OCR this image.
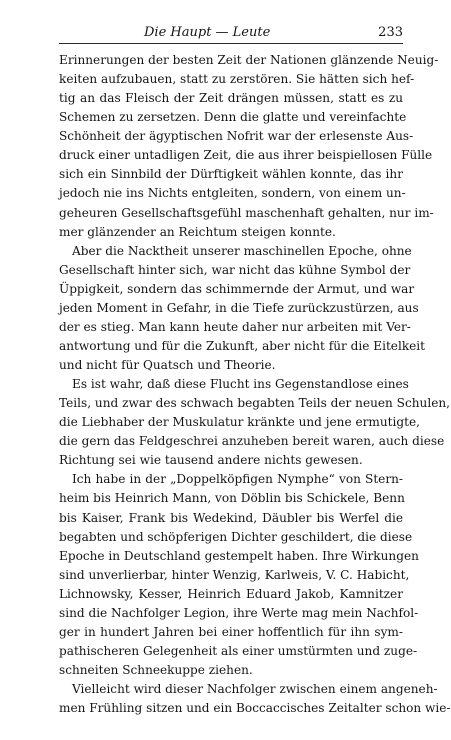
Die Haupt — Leute	233
Erinnerungen der besten Zeit der Nationen glänzende Neuig-
keiten aufzubauen, statt zu zerstören. Sie hätten sich hef-
tig an das Fleisch der Zeit drängen müssen, statt es zu
Schemen zu zersetzen. Denn die glatte und vereinfachte
Schönheit der ägyptischen Nofrit war der erlesenste Aus-
druck einer untadligen Zeit, die aus ihrer beispiellosen Fülle
sich ein Sinnbild der Dürftigkeit wählen konnte, das ihr
jedoch nie ins Nichts entgleiten, sondern, von einem un-
geheuren Gesellschaftsgefühl maschenhaft gehalten, nur im-
mer glänzender an Reichtum steigen konnte.
Aber die Nacktheit unserer maschinellen Epoche, ohne
Gesellschaft hinter sich, war nicht das kühne Symbol der
Üppigkeit, sondern das schimmernde der Armut, und war
jeden Moment in Gefahr, in die Tiefe zurückzustürzen, aus
der es stieg. Man kann heute daher nur arbeiten mit Ver-
antwortung und für die Zukunft, aber nicht für die Eitelkeit
und nicht für Quatsch und Theorie.
Es ist wahr, daß diese Flucht ins Gegenstandlose eines
Teils, und zwar des schwach begabten Teils der neuen Schulen,
die Liebhaber der Muskulatur kränkte und jene ermutigte,
die gern das Feldgeschrei anzuheben bereit waren, auch diese
Richtung sei wie tausend andere nichts gewesen.
Ich habe in der „Doppelköpfigen Nymphe“ von Stern-
heim bis Heinrich Mann, von Döblin bis Schickele, Benn
bis Kaiser, Frank bis Wedekind, Däubler bis Werfel die
begabten und schöpferigen Dichter geschildert, die diese
Epoche in Deutschland gestempelt haben. Ihre Wirkungen
sind unverlierbar, hinter Wenzig, Karlweis, V. C. Habicht,
Lichnowsky, Kesser, Heinrich Eduard Jakob, Kamnitzer
sind die Nachfolger Legion, ihre Werte mag mein Nachfol-
ger in hundert Jahren bei einer hoffentlich für ihn sym-
pathischeren Gelegenheit als einer umstürmten und zuge-
schneiten Schneekuppe ziehen.
Vielleicht wird dieser Nachfolger zwischen einem angeneh-
men Frühling sitzen und ein Boccaccisches Zeitalter schon wie-
